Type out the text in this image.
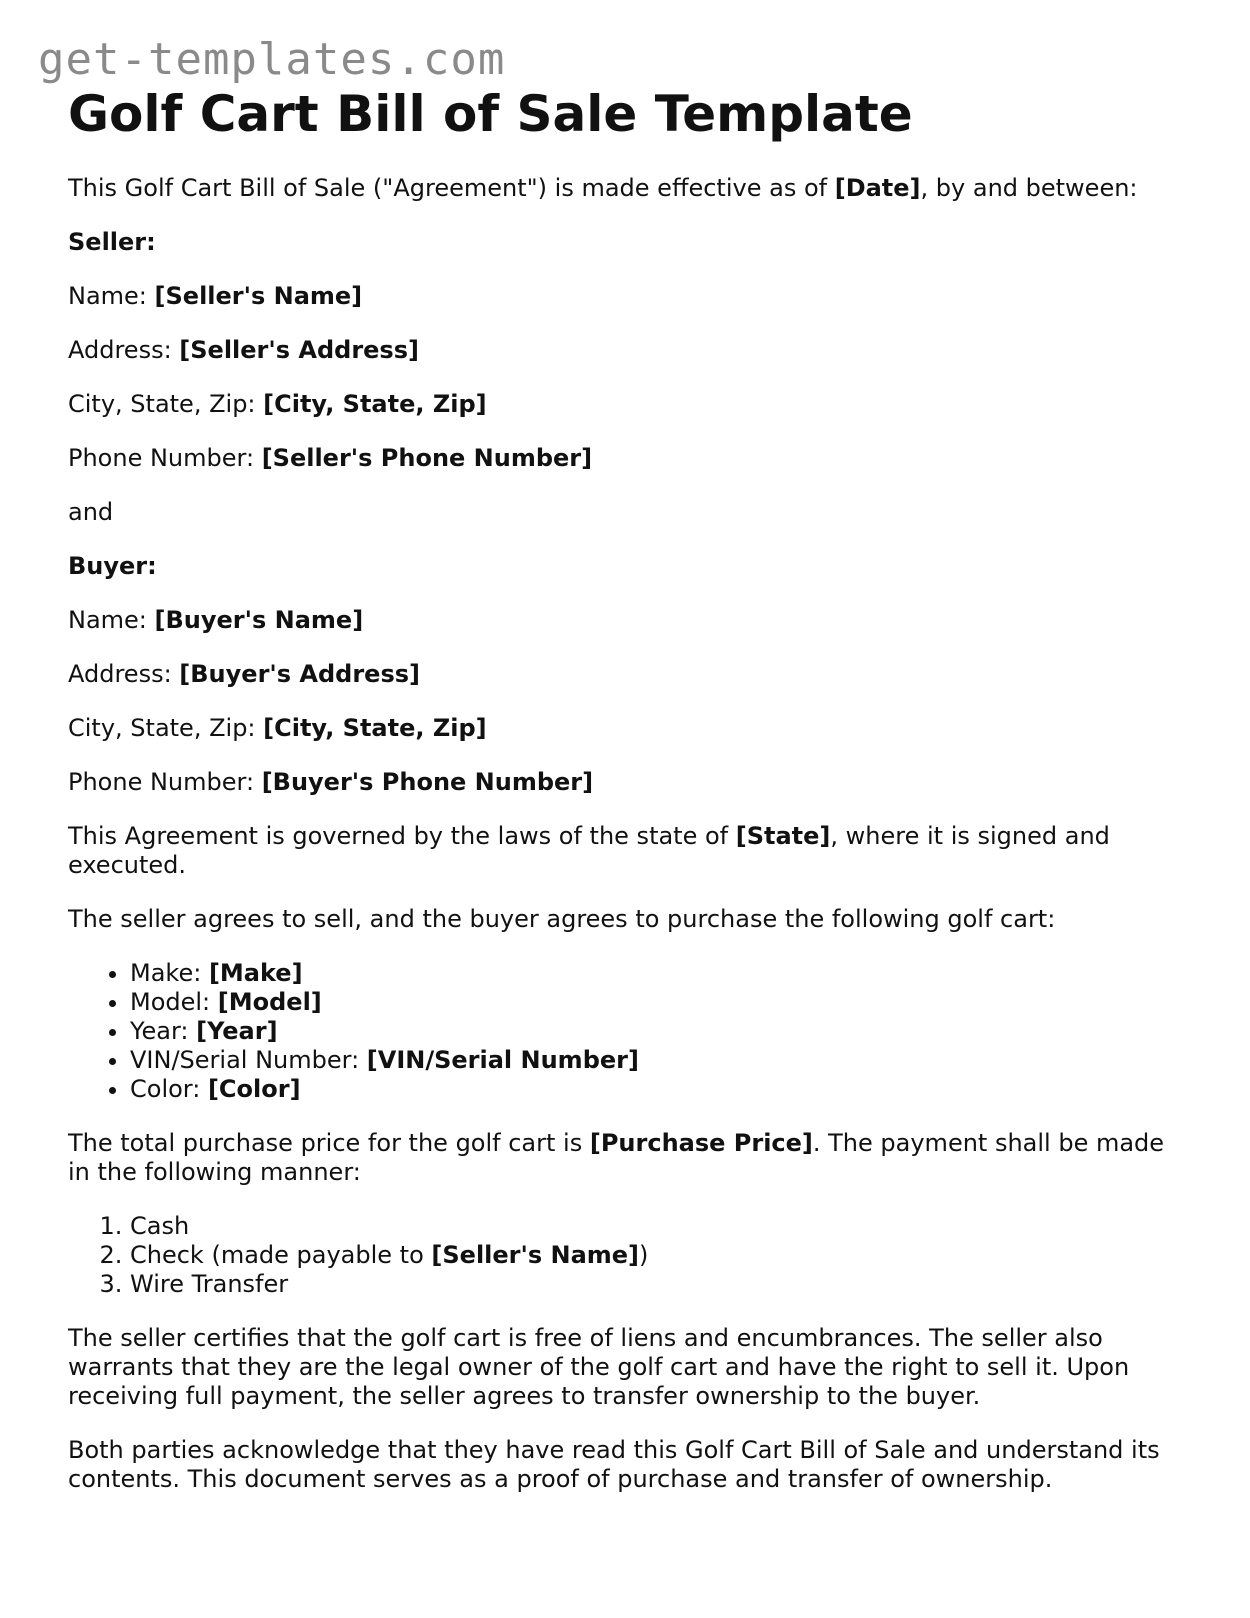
get-templates.com
Golf Cart Bill of Sale Template

This Golf Cart Bill of Sale ("Agreement") is made effective as of [Date], by and between:

Seller:

Name: [Seller's Name]

Address: [Seller's Address]

City, State, Zip: [City, State, Zip]

Phone Number: [Seller's Phone Number]

and

Buyer:

Name: [Buyer's Name]

Address: [Buyer's Address]

City, State, Zip: [City, State, Zip]

Phone Number: [Buyer's Phone Number]

This Agreement is governed by the laws of the state of [State], where it is signed and executed.

The seller agrees to sell, and the buyer agrees to purchase the following golf cart:

• Make: [Make]
• Model: [Model]
• Year: [Year]
• VIN/Serial Number: [VIN/Serial Number]
• Color: [Color]

The total purchase price for the golf cart is [Purchase Price]. The payment shall be made in the following manner:

1. Cash
2. Check (made payable to [Seller's Name])
3. Wire Transfer

The seller certifies that the golf cart is free of liens and encumbrances. The seller also warrants that they are the legal owner of the golf cart and have the right to sell it. Upon receiving full payment, the seller agrees to transfer ownership to the buyer.

Both parties acknowledge that they have read this Golf Cart Bill of Sale and understand its contents. This document serves as a proof of purchase and transfer of ownership.
